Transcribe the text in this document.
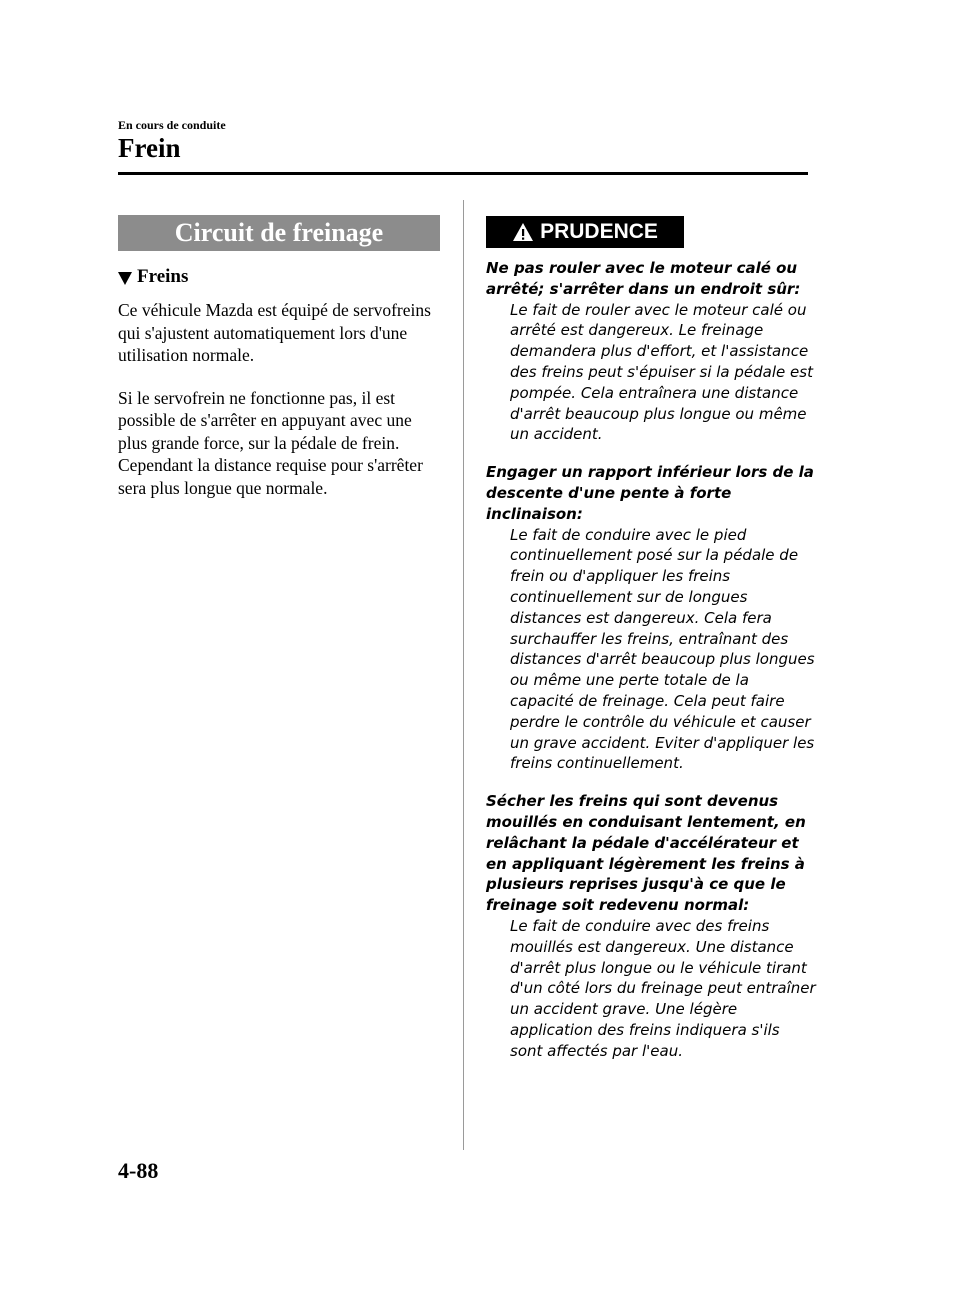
En cours de conduite
Frein
Circuit de freinage
Freins

Ce véhicule Mazda est équipé de servofreins qui s'ajustent automatiquement lors d'une utilisation normale.

Si le servofrein ne fonctionne pas, il est possible de s'arrêter en appuyant avec une plus grande force, sur la pédale de frein. Cependant la distance requise pour s'arrêter sera plus longue que normale.

PRUDENCE
Ne pas rouler avec le moteur calé ou arrêté; s'arrêter dans un endroit sûr:
Le fait de rouler avec le moteur calé ou arrêté est dangereux. Le freinage demandera plus d'effort, et l'assistance des freins peut s'épuiser si la pédale est pompée. Cela entraînera une distance d'arrêt beaucoup plus longue ou même un accident.
Engager un rapport inférieur lors de la descente d'une pente à forte inclinaison:
Le fait de conduire avec le pied continuellement posé sur la pédale de frein ou d'appliquer les freins continuellement sur de longues distances est dangereux. Cela fera surchauffer les freins, entraînant des distances d'arrêt beaucoup plus longues ou même une perte totale de la capacité de freinage. Cela peut faire perdre le contrôle du véhicule et causer un grave accident. Eviter d'appliquer les freins continuellement.
Sécher les freins qui sont devenus mouillés en conduisant lentement, en relâchant la pédale d'accélérateur et en appliquant légèrement les freins à plusieurs reprises jusqu'à ce que le freinage soit redevenu normal:
Le fait de conduire avec des freins mouillés est dangereux. Une distance d'arrêt plus longue ou le véhicule tirant d'un côté lors du freinage peut entraîner un accident grave. Une légère application des freins indiquera s'ils sont affectés par l'eau.
4-88
